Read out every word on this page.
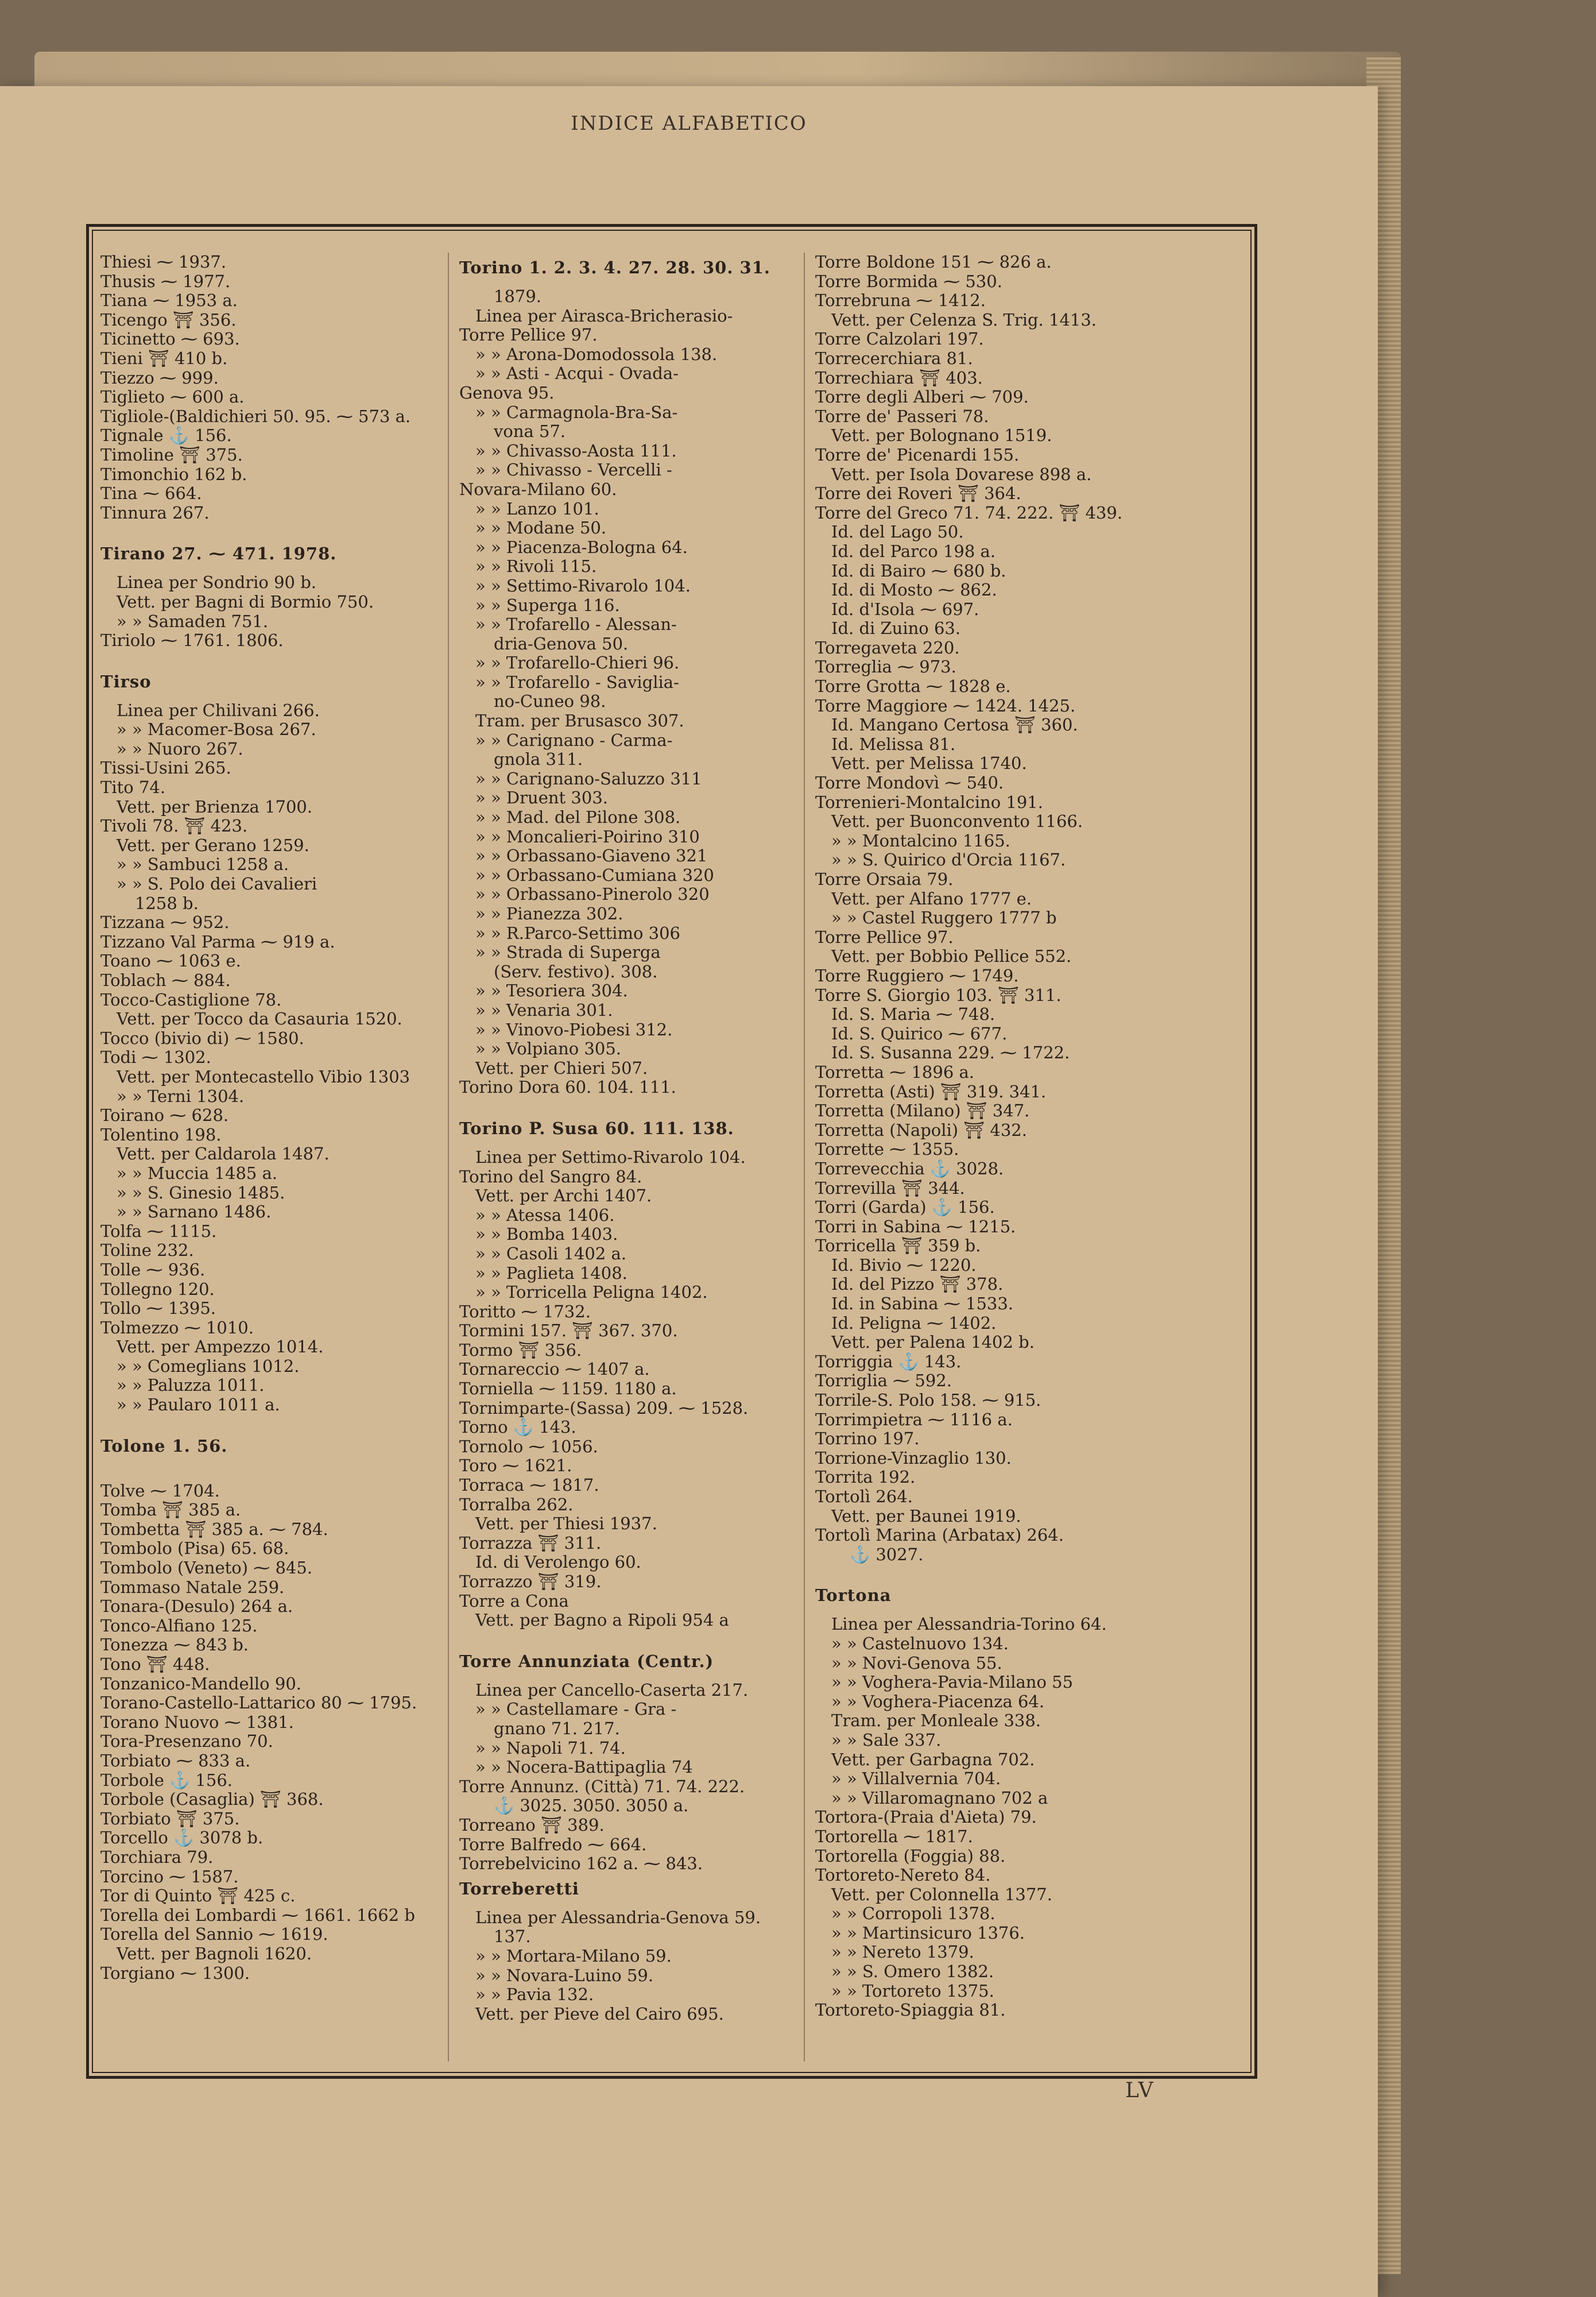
INDICE ALFABETICO
Thiesi ⁓ 1937.
Thusis ⁓ 1977.
Tiana ⁓ 1953 a.
Ticengo ⛩ 356.
Ticinetto ⁓ 693.
Tieni ⛩ 410 b.
Tiezzo ⁓ 999.
Tiglieto ⁓ 600 a.
Tigliole-(Baldichieri 50. 95. ⁓ 573 a.
Tignale ⚓ 156.
Timoline ⛩ 375.
Timonchio 162 b.
Tina ⁓ 664.
Tinnura 267.
Tirano 27. ⁓ 471. 1978.
Linea per Sondrio 90 b.
Vett. per Bagni di Bormio 750.
» » Samaden 751.
Tiriolo ⁓ 1761. 1806.
Tirso
Linea per Chilivani 266.
» » Macomer-Bosa 267.
» » Nuoro 267.
Tissi-Usini 265.
Tito 74.
Vett. per Brienza 1700.
Tivoli 78. ⛩ 423.
Vett. per Gerano 1259.
» » Sambuci 1258 a.
» » S. Polo dei Cavalieri
1258 b.
Tizzana ⁓ 952.
Tizzano Val Parma ⁓ 919 a.
Toano ⁓ 1063 e.
Toblach ⁓ 884.
Tocco-Castiglione 78.
Vett. per Tocco da Casauria 1520.
Tocco (bivio di) ⁓ 1580.
Todi ⁓ 1302.
Vett. per Montecastello Vibio 1303
» » Terni 1304.
Toirano ⁓ 628.
Tolentino 198.
Vett. per Caldarola 1487.
» » Muccia 1485 a.
» » S. Ginesio 1485.
» » Sarnano 1486.
Tolfa ⁓ 1115.
Toline 232.
Tolle ⁓ 936.
Tollegno 120.
Tollo ⁓ 1395.
Tolmezzo ⁓ 1010.
Vett. per Ampezzo 1014.
» » Comeglians 1012.
» » Paluzza 1011.
» » Paularo 1011 a.
Tolone 1. 56.
Tolve ⁓ 1704.
Tomba ⛩ 385 a.
Tombetta ⛩ 385 a. ⁓ 784.
Tombolo (Pisa) 65. 68.
Tombolo (Veneto) ⁓ 845.
Tommaso Natale 259.
Tonara-(Desulo) 264 a.
Tonco-Alfiano 125.
Tonezza ⁓ 843 b.
Tono ⛩ 448.
Tonzanico-Mandello 90.
Torano-Castello-Lattarico 80 ⁓ 1795.
Torano Nuovo ⁓ 1381.
Tora-Presenzano 70.
Torbiato ⁓ 833 a.
Torbole ⚓ 156.
Torbole (Casaglia) ⛩ 368.
Torbiato ⛩ 375.
Torcello ⚓ 3078 b.
Torchiara 79.
Torcino ⁓ 1587.
Tor di Quinto ⛩ 425 c.
Torella dei Lombardi ⁓ 1661. 1662 b
Torella del Sannio ⁓ 1619.
Vett. per Bagnoli 1620.
Torgiano ⁓ 1300.
Torino 1. 2. 3. 4. 27. 28. 30. 31.
1879.
Linea per Airasca-Bricherasio-
Torre Pellice 97.
» » Arona-Domodossola 138.
» » Asti - Acqui - Ovada-
Genova 95.
» » Carmagnola-Bra-Sa-
vona 57.
» » Chivasso-Aosta 111.
» » Chivasso - Vercelli -
Novara-Milano 60.
» » Lanzo 101.
» » Modane 50.
» » Piacenza-Bologna 64.
» » Rivoli 115.
» » Settimo-Rivarolo 104.
» » Superga 116.
» » Trofarello - Alessan-
dria-Genova 50.
» » Trofarello-Chieri 96.
» » Trofarello - Savigliа-
no-Cuneo 98.
Tram. per Brusasco 307.
» » Carignano - Carma-
gnola 311.
» » Carignano-Saluzzo 311
» » Druent 303.
» » Mad. del Pilone 308.
» » Moncalieri-Poirino 310
» » Orbassano-Giaveno 321
» » Orbassano-Cumiana 320
» » Orbassano-Pinerolo 320
» » Pianezza 302.
» » R.Parco-Settimo 306
» » Strada di Superga
(Serv. festivo). 308.
» » Tesoriera 304.
» » Venaria 301.
» » Vinovo-Piobesi 312.
» » Volpiano 305.
Vett. per Chieri 507.
Torino Dora 60. 104. 111.
Torino P. Susa 60. 111. 138.
Linea per Settimo-Rivarolo 104.
Torino del Sangro 84.
Vett. per Archi 1407.
» » Atessa 1406.
» » Bomba 1403.
» » Casoli 1402 a.
» » Paglieta 1408.
» » Torricella Peligna 1402.
Toritto ⁓ 1732.
Tormini 157. ⛩ 367. 370.
Tormo ⛩ 356.
Tornareccio ⁓ 1407 a.
Torniella ⁓ 1159. 1180 a.
Tornimparte-(Sassa) 209. ⁓ 1528.
Torno ⚓ 143.
Tornolo ⁓ 1056.
Toro ⁓ 1621.
Torraca ⁓ 1817.
Torralba 262.
Vett. per Thiesi 1937.
Torrazza ⛩ 311.
Id. di Verolengo 60.
Torrazzo ⛩ 319.
Torre a Cona
Vett. per Bagno a Ripoli 954 a
Torre Annunziata (Centr.)
Linea per Cancello-Caserta 217.
» » Castellamare - Gra -
gnano 71. 217.
» » Napoli 71. 74.
» » Nocera-Battipaglia 74
Torre Annunz. (Città) 71. 74. 222.
⚓ 3025. 3050. 3050 a.
Torreano ⛩ 389.
Torre Balfredo ⁓ 664.
Torrebelvicino 162 a. ⁓ 843.
Torreberetti
Linea per Alessandria-Genova 59.
137.
» » Mortara-Milano 59.
» » Novara-Luino 59.
» » Pavia 132.
Vett. per Pieve del Cairo 695.
Torre Boldone 151 ⁓ 826 a.
Torre Bormida ⁓ 530.
Torrebruna ⁓ 1412.
Vett. per Celenza S. Trig. 1413.
Torre Calzolari 197.
Torrecerchiara 81.
Torrechiara ⛩ 403.
Torre degli Alberi ⁓ 709.
Torre de' Passeri 78.
Vett. per Bolognano 1519.
Torre de' Picenardi 155.
Vett. per Isola Dovarese 898 a.
Torre dei Roveri ⛩ 364.
Torre del Greco 71. 74. 222. ⛩ 439.
Id. del Lago 50.
Id. del Parco 198 a.
Id. di Bairo ⁓ 680 b.
Id. di Mosto ⁓ 862.
Id. d'Isola ⁓ 697.
Id. di Zuino 63.
Torregaveta 220.
Torreglia ⁓ 973.
Torre Grotta ⁓ 1828 e.
Torre Maggiore ⁓ 1424. 1425.
Id. Mangano Certosa ⛩ 360.
Id. Melissa 81.
Vett. per Melissa 1740.
Torre Mondovì ⁓ 540.
Torrenieri-Montalcino 191.
Vett. per Buonconvento 1166.
» » Montalcino 1165.
» » S. Quirico d'Orcia 1167.
Torre Orsaia 79.
Vett. per Alfano 1777 e.
» » Castel Ruggero 1777 b
Torre Pellice 97.
Vett. per Bobbio Pellice 552.
Torre Ruggiero ⁓ 1749.
Torre S. Giorgio 103. ⛩ 311.
Id. S. Maria ⁓ 748.
Id. S. Quirico ⁓ 677.
Id. S. Susanna 229. ⁓ 1722.
Torretta ⁓ 1896 a.
Torretta (Asti) ⛩ 319. 341.
Torretta (Milano) ⛩ 347.
Torretta (Napoli) ⛩ 432.
Torrette ⁓ 1355.
Torrevecchia ⚓ 3028.
Torrevilla ⛩ 344.
Torri (Garda) ⚓ 156.
Torri in Sabina ⁓ 1215.
Torricella ⛩ 359 b.
Id. Bivio ⁓ 1220.
Id. del Pizzo ⛩ 378.
Id. in Sabina ⁓ 1533.
Id. Peligna ⁓ 1402.
Vett. per Palena 1402 b.
Torriggia ⚓ 143.
Torriglia ⁓ 592.
Torrile-S. Polo 158. ⁓ 915.
Torrimpietra ⁓ 1116 a.
Torrino 197.
Torrione-Vinzaglio 130.
Torrita 192.
Tortolì 264.
Vett. per Baunei 1919.
Tortolì Marina (Arbatax) 264.
⚓ 3027.
Tortona
Linea per Alessandria-Torino 64.
» » Castelnuovo 134.
» » Novi-Genova 55.
» » Voghera-Pavia-Milano 55
» » Voghera-Piacenza 64.
Tram. per Monleale 338.
» » Sale 337.
Vett. per Garbagna 702.
» » Villalvernia 704.
» » Villaromagnano 702 a
Tortora-(Praia d'Aieta) 79.
Tortorella ⁓ 1817.
Tortorella (Foggia) 88.
Tortoreto-Nereto 84.
Vett. per Colonnella 1377.
» » Corropoli 1378.
» » Martinsicuro 1376.
» » Nereto 1379.
» » S. Omero 1382.
» » Tortoreto 1375.
Tortoreto-Spiaggia 81.
LV
